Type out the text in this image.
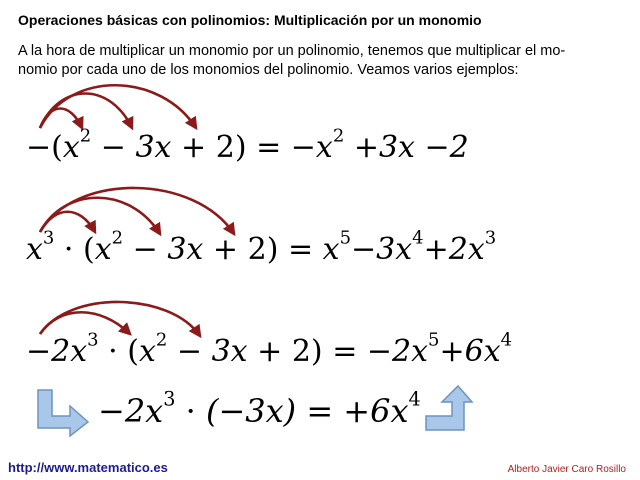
Operaciones básicas con polinomios: Multiplicación por un monomio
A la hora de multiplicar un monomio por un polinomio, tenemos que multiplicar el mo-
nomio por cada uno de los monomios del polinomio. Veamos varios ejemplos:
$-(x^2 - 3x + 2) = -x^2 +3x -2$
$x^3 \cdot (x^2 - 3x + 2) = x^5-3x^4+2x^3$
$-2x^3 \cdot (x^2 - 3x + 2) = -2x^5+6x^4$
$-2x^3 \cdot (-3x) = +6x^4$
http://www.matematico.es	Alberto Javier Caro Rosillo
